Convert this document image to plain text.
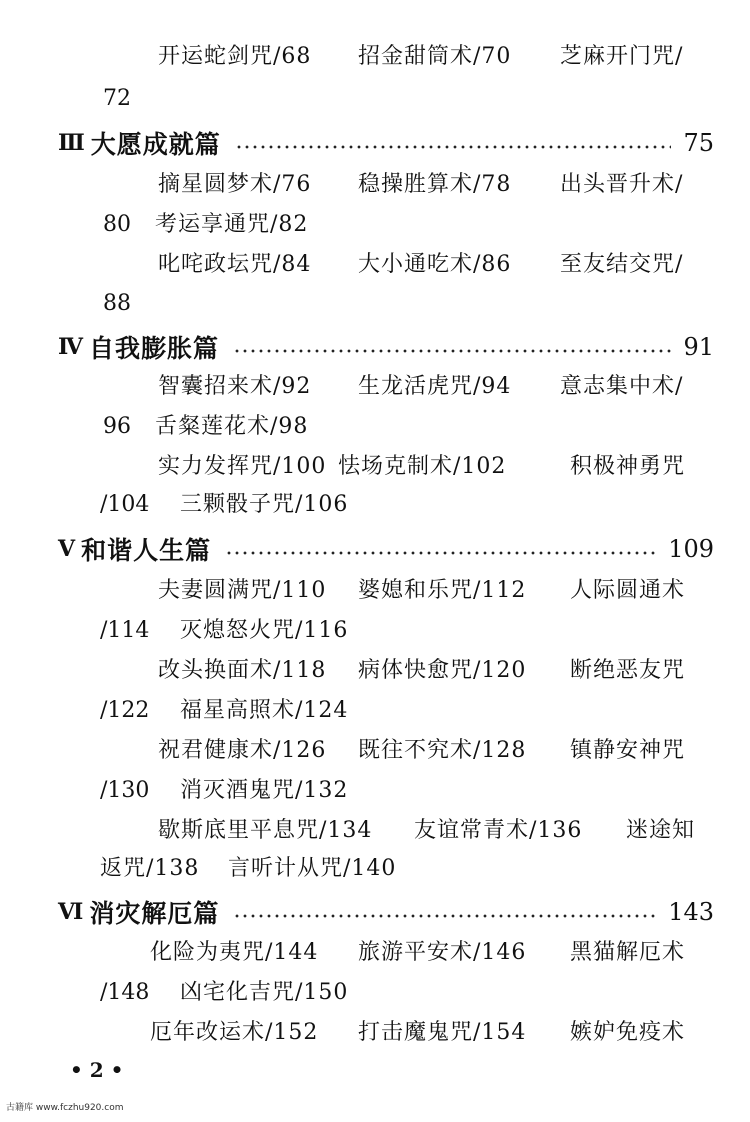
开运蛇剑咒/68 招金甜筒术/70 芝麻开门咒/
72
Ⅲ 大愿成就篇	75
摘星圆梦术/76 稳操胜算术/78 出头晋升术/
80 考运享通咒/82
叱咤政坛咒/84 大小通吃术/86 至友结交咒/
88
Ⅳ 自我膨胀篇	91
智囊招来术/92 生龙活虎咒/94 意志集中术/
96 舌粲莲花术/98
实力发挥咒/100 怯场克制术/102	积极神勇咒
/104 三颗骰子咒/106
Ⅴ 和谐人生篇	109
夫妻圆满咒/110 婆媳和乐咒/112 人际圆通术
/114 灭熄怒火咒/116
改头换面术/118 病体快愈咒/120 断绝恶友咒
/122 福星高照术/124
祝君健康术/126 既往不究术/128 镇静安神咒
/130 消灭酒鬼咒/132
歇斯底里平息咒/134 友谊常青术/136 迷途知
返咒/138 言听计从咒/140
Ⅵ 消灾解厄篇	143
化险为夷咒/144 旅游平安术/146 黑猫解厄术
/148 凶宅化吉咒/150
厄年改运术/152 打击魔鬼咒/154 嫉妒免疫术
• 2 •
古籍库 www.fczhu920.com
